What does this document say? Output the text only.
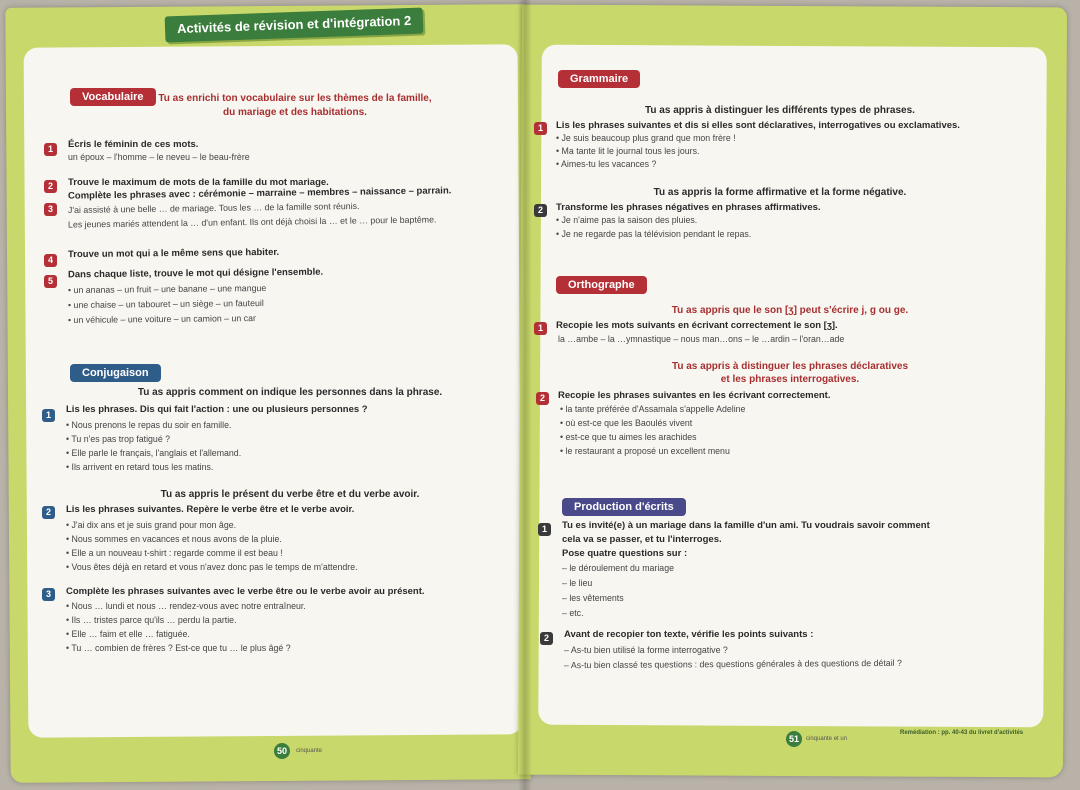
Activités de révision et d'intégration 2
Vocabulaire	Tu as enrichi ton vocabulaire sur les thèmes de la famille,
du mariage et des habitations.
1	Écris le féminin de ces mots.
un époux – l'homme – le neveu – le beau-frère
2	Trouve le maximum de mots de la famille du mot mariage.
3
Complète les phrases avec : cérémonie – marraine – membres – naissance – parrain.
J'ai assisté à une belle … de mariage. Tous les … de la famille sont réunis.
Les jeunes mariés attendent la … d'un enfant. Ils ont déjà choisi la … et le … pour le baptême.
4	Trouve un mot qui a le même sens que habiter.
5
Dans chaque liste, trouve le mot qui désigne l'ensemble.
• un ananas – un fruit – une banane – une mangue
• une chaise – un tabouret – un siège – un fauteuil
• un véhicule – une voiture – un camion – un car
Conjugaison
Tu as appris comment on indique les personnes dans la phrase.
1	Lis les phrases. Dis qui fait l'action : une ou plusieurs personnes ?
• Nous prenons le repas du soir en famille.
• Tu n'es pas trop fatigué ?
• Elle parle le français, l'anglais et l'allemand.
• Ils arrivent en retard tous les matins.
Tu as appris le présent du verbe être et du verbe avoir.
2	Lis les phrases suivantes. Repère le verbe être et le verbe avoir.
• J'ai dix ans et je suis grand pour mon âge.
• Nous sommes en vacances et nous avons de la pluie.
• Elle a un nouveau t-shirt : regarde comme il est beau !
• Vous êtes déjà en retard et vous n'avez donc pas le temps de m'attendre.
3	Complète les phrases suivantes avec le verbe être ou le verbe avoir au présent.
• Nous … lundi et nous … rendez-vous avec notre entraîneur.
• Ils … tristes parce qu'ils … perdu la partie.
• Elle … faim et elle … fatiguée.
• Tu … combien de frères ? Est-ce que tu … le plus âgé ?
50	cinquante
Grammaire
Tu as appris à distinguer les différents types de phrases.
1	Lis les phrases suivantes et dis si elles sont déclaratives, interrogatives ou exclamatives.
• Je suis beaucoup plus grand que mon frère !
• Ma tante lit le journal tous les jours.
• Aimes-tu les vacances ?
Tu as appris la forme affirmative et la forme négative.
2	Transforme les phrases négatives en phrases affirmatives.
• Je n'aime pas la saison des pluies.
• Je ne regarde pas la télévision pendant le repas.
Orthographe
Tu as appris que le son [ʒ] peut s'écrire j, g ou ge.
1	Recopie les mots suivants en écrivant correctement le son [ʒ].
la …ambe – la …ymnastique – nous man…ons – le …ardin – l'oran…ade
Tu as appris à distinguer les phrases déclaratives
et les phrases interrogatives.
2	Recopie les phrases suivantes en les écrivant correctement.
• la tante préférée d'Assamala s'appelle Adeline
• où est-ce que les Baoulés vivent
• est-ce que tu aimes les arachides
• le restaurant a proposé un excellent menu
Production d'écrits
1	Tu es invité(e) à un mariage dans la famille d'un ami. Tu voudrais savoir comment
cela va se passer, et tu l'interroges.
Pose quatre questions sur :
– le déroulement du mariage
– le lieu
– les vêtements
– etc.
2	Avant de recopier ton texte, vérifie les points suivants :
– As-tu bien utilisé la forme interrogative ?
– As-tu bien classé tes questions : des questions générales à des questions de détail ?
51	cinquante et un
Remédiation : pp. 40-43 du livret d'activités
